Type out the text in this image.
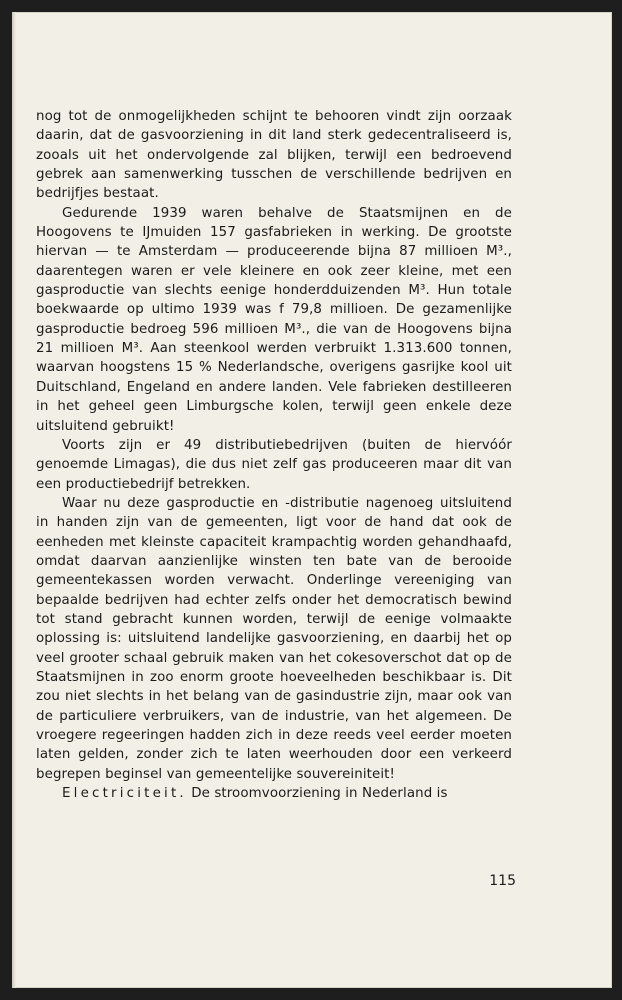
nog tot de onmogelijkheden schijnt te behooren vindt zijn oorzaak daarin, dat de gasvoorziening in dit land sterk gedecentraliseerd is, zooals uit het ondervolgende zal blijken, terwijl een bedroevend gebrek aan samenwerking tusschen de verschillende bedrijven en bedrijfjes bestaat.

Gedurende 1939 waren behalve de Staatsmijnen en de Hoogovens te IJmuiden 157 gasfabrieken in werking. De grootste hiervan — te Amsterdam — produceerende bijna 87 millioen M³., daarentegen waren er vele kleinere en ook zeer kleine, met een gasproductie van slechts eenige honderdduizenden M³. Hun totale boekwaarde op ultimo 1939 was f 79,8 millioen. De gezamenlijke gasproductie bedroeg 596 millioen M³., die van de Hoogovens bijna 21 millioen M³. Aan steenkool werden verbruikt 1.313.600 tonnen, waarvan hoogstens 15 % Nederlandsche, overigens gasrijke kool uit Duitschland, Engeland en andere landen. Vele fabrieken destilleeren in het geheel geen Limburgsche kolen, terwijl geen enkele deze uitsluitend gebruikt!

Voorts zijn er 49 distributiebedrijven (buiten de hiervóór genoemde Limagas), die dus niet zelf gas produceeren maar dit van een productiebedrijf betrekken.

Waar nu deze gasproductie en -distributie nagenoeg uitsluitend in handen zijn van de gemeenten, ligt voor de hand dat ook de eenheden met kleinste capaciteit krampachtig worden gehandhaafd, omdat daarvan aanzienlijke winsten ten bate van de berooide gemeentekassen worden verwacht. Onderlinge vereeniging van bepaalde bedrijven had echter zelfs onder het democratisch bewind tot stand gebracht kunnen worden, terwijl de eenige volmaakte oplossing is: uitsluitend landelijke gasvoorziening, en daarbij het op veel grooter schaal gebruik maken van het cokesoverschot dat op de Staatsmijnen in zoo enorm groote hoeveelheden beschikbaar is. Dit zou niet slechts in het belang van de gasindustrie zijn, maar ook van de particuliere verbruikers, van de industrie, van het algemeen. De vroegere regeeringen hadden zich in deze reeds veel eerder moeten laten gelden, zonder zich te laten weerhouden door een verkeerd begrepen beginsel van gemeentelijke souvereiniteit!

Electriciteit. De stroomvoorziening in Nederland is

115
